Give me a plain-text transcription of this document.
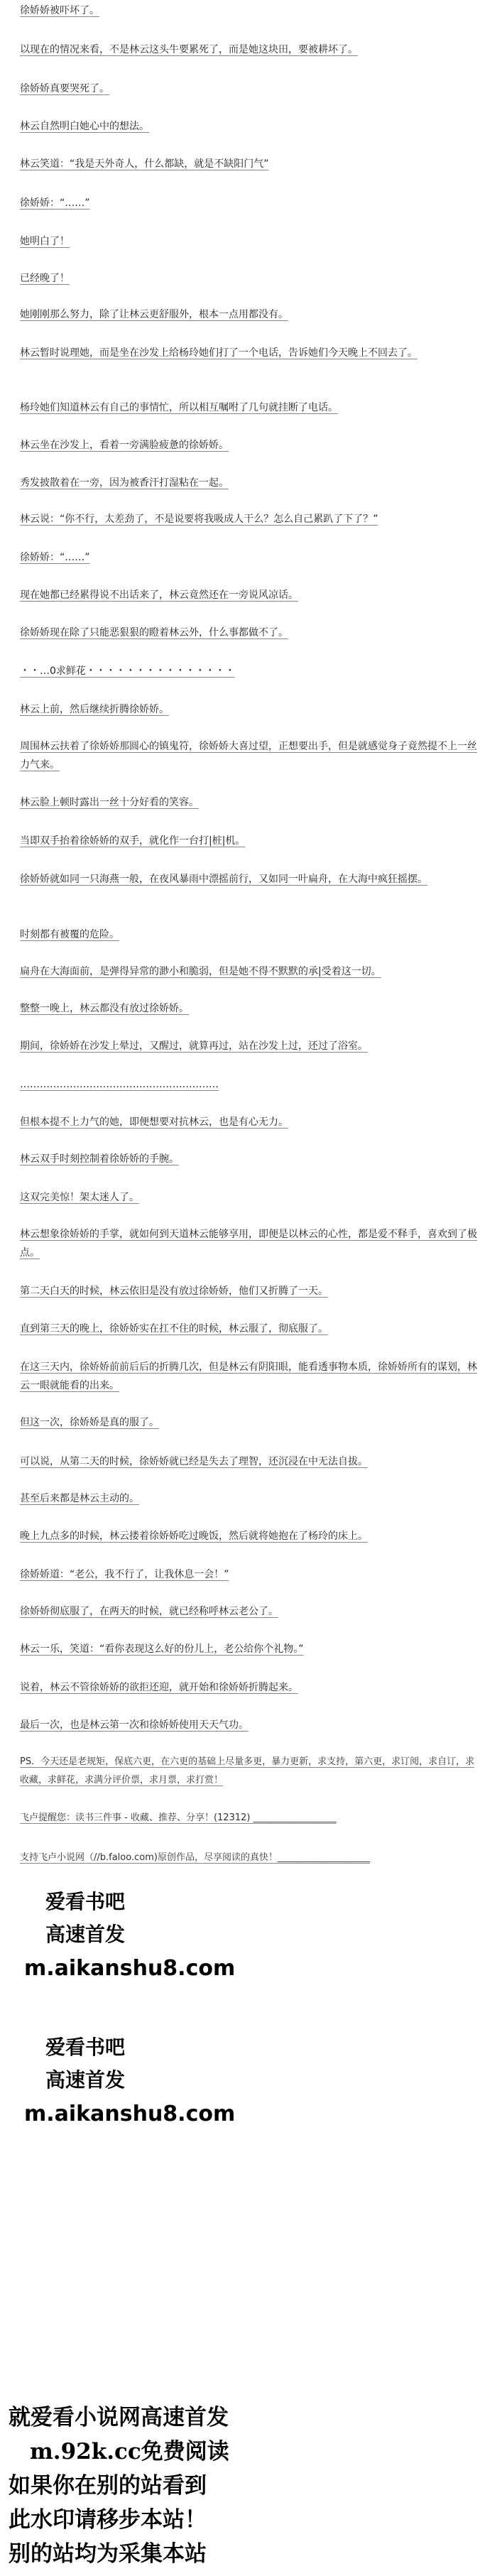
徐娇娇被吓坏了。
以现在的情况来看，不是林云这头牛要累死了，而是她这块田，要被耕坏了。
徐娇娇真要哭死了。
林云自然明白她心中的想法。
林云笑道：“我是天外奇人，什么都缺，就是不缺阳门气”
徐娇娇：“……”
她明白了！
已经晚了！
她刚刚那么努力，除了让林云更舒服外，根本一点用都没有。
林云暂时说理她，而是坐在沙发上给杨玲她们打了一个电话，告诉她们今天晚上不回去了。
杨玲她们知道林云有自己的事情忙，所以相互嘱咐了几句就挂断了电话。
林云坐在沙发上，看着一旁满脸疲惫的徐娇娇。
秀发披散着在一旁，因为被香汗打湿粘在一起。
林云说：“你不行，太差劲了，不是说要将我吸成人干么？怎么自己累趴了下了？”
徐娇娇：“……”
现在她都已经累得说不出话来了，林云竟然还在一旁说风凉话。
徐娇娇现在除了只能恶狠狠的瞪着林云外，什么事都做不了。
・・…0求鲜花・・・・・・・・・・・・・・・
林云上前，然后继续折腾徐娇娇。
周围林云扶着了徐娇娇那圆心的镇鬼符，徐娇娇大喜过望，正想要出手，但是就感觉身子竟然提不上一丝力气来。
林云脸上顿时露出一丝十分好看的笑容。
当即双手抬着徐娇娇的双手，就化作一台打|桩|机。
徐娇娇就如同一只海燕一般，在夜风暴雨中漂摇前行，又如同一叶扁舟，在大海中疯狂摇摆。
时刻都有被覆的危险。
扁舟在大海面前，是弹得异常的渺小和脆弱，但是她不得不默默的承|受着这一切。
整整一晚上，林云都没有放过徐娇娇。
期间，徐娇娇在沙发上晕过，又醒过，就算再过，站在沙发上过，还过了浴室。
……………………………………………………
但根本提不上力气的她，即便想要对抗林云，也是有心无力。
林云双手时刻控制着徐娇娇的手腕。
这双完美惊！架太迷人了。
林云想象徐娇娇的手掌，就如何到天道林云能够享用，即便是以林云的心性，都是爱不释手，喜欢到了极点。
第二天白天的时候，林云依旧是没有放过徐娇娇，他们又折腾了一天。
直到第三天的晚上，徐娇娇实在扛不住的时候，林云服了，彻底服了。
在这三天内，徐娇娇前前后后的折腾几次，但是林云有阴阳眼，能看透事物本质，徐娇娇所有的谋划，林云一眼就能看的出来。
但这一次，徐娇娇是真的服了。
可以说，从第二天的时候，徐娇娇就已经是失去了理智，还沉浸在中无法自拔。
甚至后来都是林云主动的。
晚上九点多的时候，林云搂着徐娇娇吃过晚饭，然后就将她抱在了杨玲的床上。
徐娇娇道：“老公，我不行了，让我休息一会！”
徐娇娇彻底服了，在两天的时候，就已经称呼林云老公了。
林云一乐，笑道：“看你表现这么好的份儿上，老公给你个礼物。”
说着，林云不管徐娇娇的欲拒还迎，就开始和徐娇娇折腾起来。
最后一次，也是林云第一次和徐娇娇使用天天气功。
PS．今天还是老规矩，保底六更，在六更的基础上尽量多更，暴力更新，求支持，第六更，求订阅，求自订，求收藏，求鲜花，求满分评价票，求月票，求打赏！
飞卢提醒您：读书三件事 - 收藏、推荐、分享！(12312) __________________
支持飞卢小说网（//b.faloo.com)原创作品，尽享阅读的真快！____________________
爱看书吧
高速首发
m.aikanshu8.com
爱看书吧
高速首发
m.aikanshu8.com
就爱看小说网高速首发
m.92k.cc免费阅读
如果你在别的站看到
此水印请移步本站！
别的站均为采集本站
